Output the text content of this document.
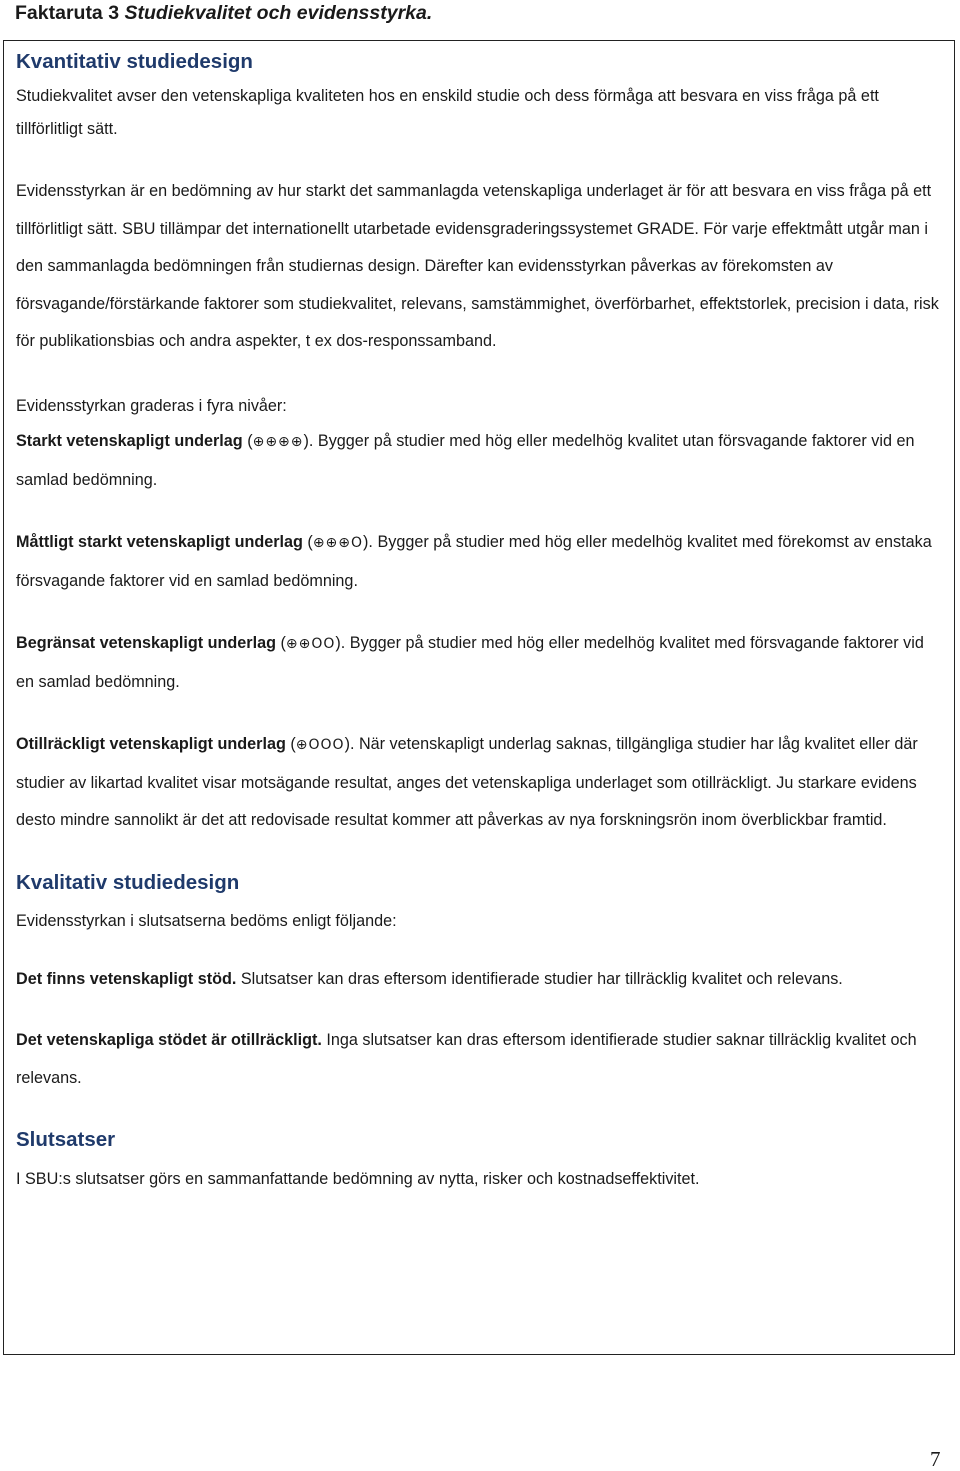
Faktaruta 3 Studiekvalitet och evidensstyrka.
Kvantitativ studiedesign

Studiekvalitet avser den vetenskapliga kvaliteten hos en enskild studie och dess förmåga att besvara en viss fråga på ett tillförlitligt sätt.

Evidensstyrkan är en bedömning av hur starkt det sammanlagda vetenskapliga underlaget är för att besvara en viss fråga på ett tillförlitligt sätt. SBU tillämpar det internationellt utarbetade evidensgraderingssystemet GRADE. För varje effektmått utgår man i den sammanlagda bedömningen från studiernas design. Därefter kan evidensstyrkan påverkas av förekomsten av försvagande/förstärkande faktorer som studiekvalitet, relevans, samstämmighet, överförbarhet, effektstorlek, precision i data, risk för publikationsbias och andra aspekter, t ex dos-responssamband.

Evidensstyrkan graderas i fyra nivåer:

Starkt vetenskapligt underlag (⊕⊕⊕⊕). Bygger på studier med hög eller medelhög kvalitet utan försvagande faktorer vid en samlad bedömning.

Måttligt starkt vetenskapligt underlag (⊕⊕⊕O). Bygger på studier med hög eller medelhög kvalitet med förekomst av enstaka försvagande faktorer vid en samlad bedömning.

Begränsat vetenskapligt underlag (⊕⊕OO). Bygger på studier med hög eller medelhög kvalitet med försvagande faktorer vid en samlad bedömning.

Otillräckligt vetenskapligt underlag (⊕OOO). När vetenskapligt underlag saknas, tillgängliga studier har låg kvalitet eller där studier av likartad kvalitet visar motsägande resultat, anges det vetenskapliga underlaget som otillräckligt. Ju starkare evidens desto mindre sannolikt är det att redovisade resultat kommer att påverkas av nya forskningsrön inom överblickbar framtid.

Kvalitativ studiedesign

Evidensstyrkan i slutsatserna bedöms enligt följande:

Det finns vetenskapligt stöd. Slutsatser kan dras eftersom identifierade studier har tillräcklig kvalitet och relevans.

Det vetenskapliga stödet är otillräckligt. Inga slutsatser kan dras eftersom identifierade studier saknar tillräcklig kvalitet och relevans.

Slutsatser

I SBU:s slutsatser görs en sammanfattande bedömning av nytta, risker och kostnadseffektivitet.

7
